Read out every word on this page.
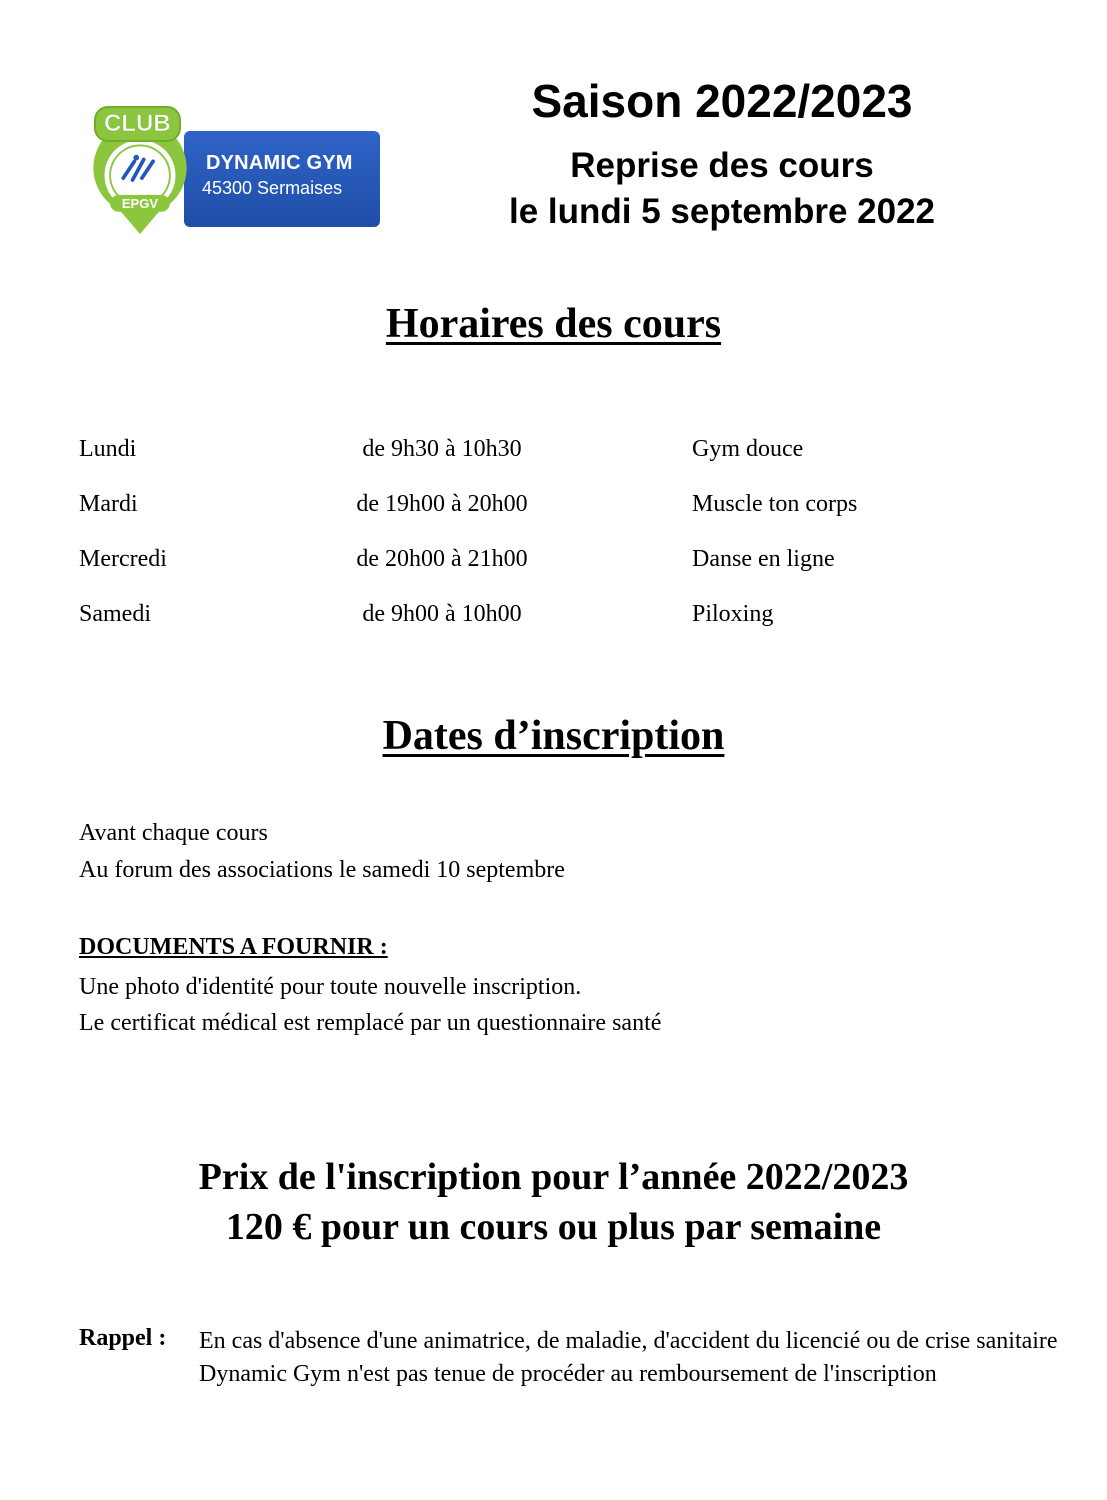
EPGV
CLUB
DYNAMIC GYM
45300 Sermaises
Saison 2022/2023
Reprise des cours
le lundi 5 septembre 2022
Horaires des cours
Lundi	de 9h30 à 10h30	Gym douce
Mardi	de 19h00 à 20h00	Muscle ton corps
Mercredi	de 20h00 à 21h00	Danse en ligne
Samedi	de 9h00 à 10h00	Piloxing
Dates d’inscription
Avant chaque cours
Au forum des associations le samedi 10 septembre
DOCUMENTS A FOURNIR :
Une photo d'identité pour toute nouvelle inscription.
Le certificat médical est remplacé par un questionnaire santé
Prix de l'inscription pour l’année 2022/2023
120 € pour un cours ou plus par semaine
Rappel : En cas d'absence d'une animatrice, de maladie, d'accident du licencié ou de crise sanitaire Dynamic Gym n'est pas tenue de procéder au remboursement de l'inscription
